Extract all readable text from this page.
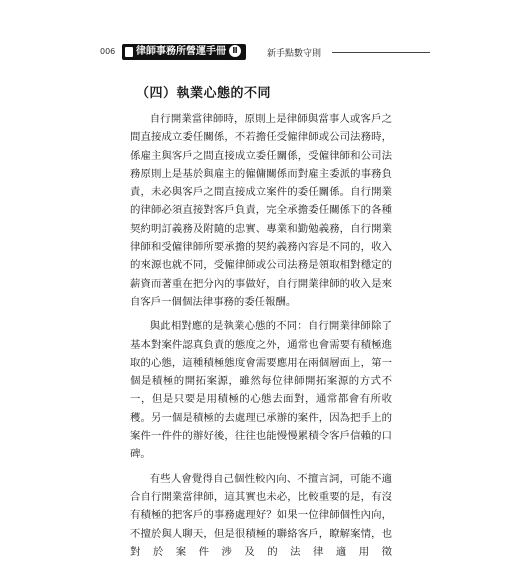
006	律師事務所營運手冊 Ⅱ	新手點數守則
（四）執業心態的不同

自行開業當律師時，原則上是律師與當事人或客戶之間直接成立委任關係，不若擔任受僱律師或公司法務時，係雇主與客戶之間直接成立委任關係，受僱律師和公司法務原則上是基於與雇主的僱傭關係而對雇主委派的事務負責，未必與客戶之間直接成立案件的委任關係。自行開業的律師必須直接對客戶負責，完全承擔委任關係下的各種契約明訂義務及附隨的忠實、專業和勤勉義務，自行開業律師和受僱律師所要承擔的契約義務內容是不同的，收入的來源也就不同，受僱律師或公司法務是領取相對穩定的薪資而著重在把分內的事做好，自行開業律師的收入是來自客戶一個個法律事務的委任報酬。

與此相對應的是執業心態的不同：自行開業律師除了基本對案件認真負責的態度之外，通常也會需要有積極進取的心態，這種積極態度會需要應用在兩個層面上，第一個是積極的開拓案源，雖然每位律師開拓案源的方式不一，但是只要是用積極的心態去面對，通常都會有所收穫。另一個是積極的去處理已承辦的案件，因為把手上的案件一件件的辦好後，往往也能慢慢累積令客戶信賴的口碑。

有些人會覺得自己個性較內向、不擅言詞，可能不適合自行開業當律師，這其實也未必，比較重要的是，有沒有積極的把客戶的事務處理好？如果一位律師個性內向，不擅於與人聊天，但是很積極的聯絡客戶，瞭解案情，也對於案件涉及的法律適用徵
